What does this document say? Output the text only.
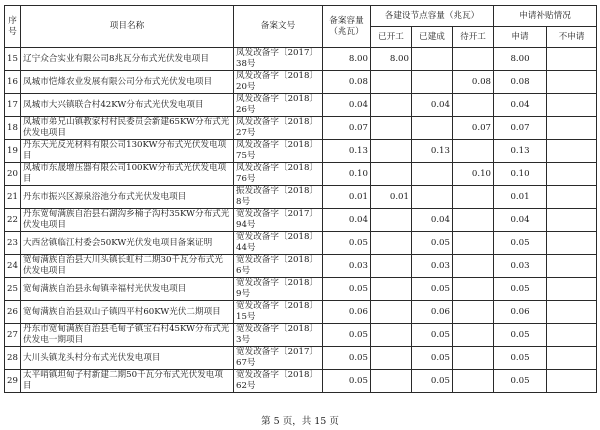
序号	项目名称	备案文号	备案容量（兆瓦）	各建设节点容量（兆瓦）			申请补贴情况	
				已开工	已建成	待开工	申请	不申请
15	辽宁众合实业有限公司8兆瓦分布式光伏发电项目	凤发改备字〔2017〕38号	8.00	8.00			8.00	
16	凤城市恺烽农业发展有限公司分布式光伏发电项目	凤发改备字〔2018〕20号	0.08			0.08	0.08	
17	凤城市大兴镇联合村42KW分布式光伏发电项目	凤发改备字〔2018〕26号	0.04		0.04		0.04	
18	凤城市弟兄山镇教家村村民委员会新建65KW分布式光伏发电项目	凤发改备字〔2018〕27号	0.07			0.07	0.07	
19	丹东天光反光材料有限公司130KW分布式光伏发电项目	凤发改备字〔2018〕75号	0.13		0.13		0.13	
20	凤城市东晟增压器有限公司100KW分布式光伏发电项目	凤发改备字〔2018〕76号	0.10			0.10	0.10	
21	丹东市振兴区源泉浴池分布式光伏发电项目	振发改备字〔2018〕8号	0.01	0.01			0.01	
22	丹东宽甸满族自治县石湖沟乡楠子沟村35KW分布式光伏发电项目	宽发改备字〔2017〕94号	0.04		0.04		0.04	
23	大西岔镇临江村委会50KW光伏发电项目备案证明	宽发改备字〔2018〕44号	0.05		0.05		0.05	
24	宽甸满族自治县大川头镇长虹村二期30千瓦分布式光伏发电项目	宽发改备字〔2018〕6号	0.03		0.03		0.03	
25	宽甸满族自治县永甸镇幸福村光伏发电项目	宽发改备字〔2018〕9号	0.05		0.05		0.05	
26	宽甸满族自治县双山子镇四平村60KW光伏二期项目	宽发改备字〔2018〕15号	0.06		0.06		0.06	
27	丹东市宽甸满族自治县毛甸子镇宝石村45KW分布式光伏发电一期项目	宽发改备字〔2018〕3号	0.05		0.05		0.05	
28	大川头镇龙头村分布式光伏发电项目	宽发改备字〔2017〕67号	0.05		0.05		0.05	
29	太平哨镇坦甸子村新建二期50千瓦分布式光伏发电项目	宽发改备字〔2018〕62号	0.05		0.05		0.05	
第 5 页，共 15 页
